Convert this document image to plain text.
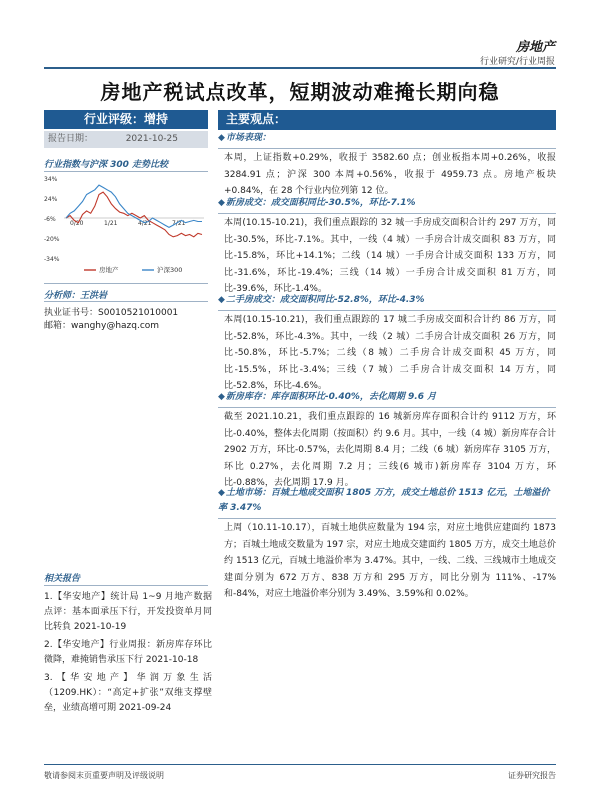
房地产
行业研究/行业周报
房地产税试点改革，短期波动难掩长期向稳
行业评级：增持
报告日期：	2021-10-25
行业指数与沪深 300 走势比较
34%
24%
-6%
-20%
-34%
0/20	1/21	4/21	7/21
房地产	沪深300
分析师：王洪岩
执业证书号：S0010521010001
邮箱：wanghy@hazq.com
相关报告
1.【华安地产】统计局 1~9 月地产数据点评：基本面承压下行，开发投资单月同比转負 2021-10-19
2.【华安地产】行业周报：新房库存环比微降，难掩销售承压下行 2021-10-18
3.【华安地产】华润万象生活（1209.HK）：“高定+扩张”双维支撑壁垒，业绩高增可期 2021-09-24
主要观点：
◆市场表现：
本周，上证指数+0.29%，收报于 3582.60 点；创业板指本周+0.26%，收报 3284.91 点；沪深 300 本周+0.56%，收报于 4959.73 点。房地产板块+0.84%，在 28 个行业内位列第 12 位。
◆新房成交：成交面积同比-30.5%，环比-7.1%
本周(10.15-10.21)，我们重点跟踪的 32 城一手房成交面积合计约 297 万方，同比-30.5%，环比-7.1%。其中，一线（4 城）一手房合计成交面积 83 万方，同比-15.8%，环比+14.1%；二线（14 城）一手房合计成交面积 133 万方，同比-31.6%，环比-19.4%；三线（14 城）一手房合计成交面积 81 万方，同比-39.6%，环比-1.4%。
◆二手房成交：成交面积同比-52.8%，环比-4.3%
本周(10.15-10.21)，我们重点跟踪的 17 城二手房成交面积合计约 86 万方，同比-52.8%，环比-4.3%。其中，一线（2 城）二手房合计成交面积 26 万方，同比-50.8%，环比-5.7%；二线（8 城）二手房合计成交面积 45 万方，同比-15.5%，环比-3.4%；三线（7 城）二手房合计成交面积 14 万方，同比-52.8%，环比-4.6%。
◆新房库存：库存面积环比-0.40%，去化周期 9.6 月
截至 2021.10.21，我们重点跟踪的 16 城新房库存面积合计约 9112 万方，环比-0.40%，整体去化周期（按面积）约 9.6 月。其中，一线（4 城）新房库存合计 2902 万方，环比-0.57%，去化周期 8.4 月；二线（6 城）新房库存 3105 万方，环比 0.27%，去化周期 7.2 月；三线(6 城市)新房库存 3104 万方，环比-0.88%，去化周期 17.9 月。
◆土地市场：百城土地成交面积 1805 万方，成交土地总价 1513 亿元，土地溢价率 3.47%
上周（10.11-10.17），百城土地供应数量为 194 宗，对应土地供应建面约 1873 方；百城土地成交数量为 197 宗，对应土地成交建面约 1805 万方，成交土地总价约 1513 亿元，百城土地溢价率为 3.47%。其中，一线、二线、三线城市土地成交建面分别为 672 万方、838 万方和 295 万方，同比分别为 111%、-17%和-84%，对应土地溢价率分别为 3.49%、3.59%和 0.02%。
敬请参阅末页重要声明及评级说明	证券研究报告
